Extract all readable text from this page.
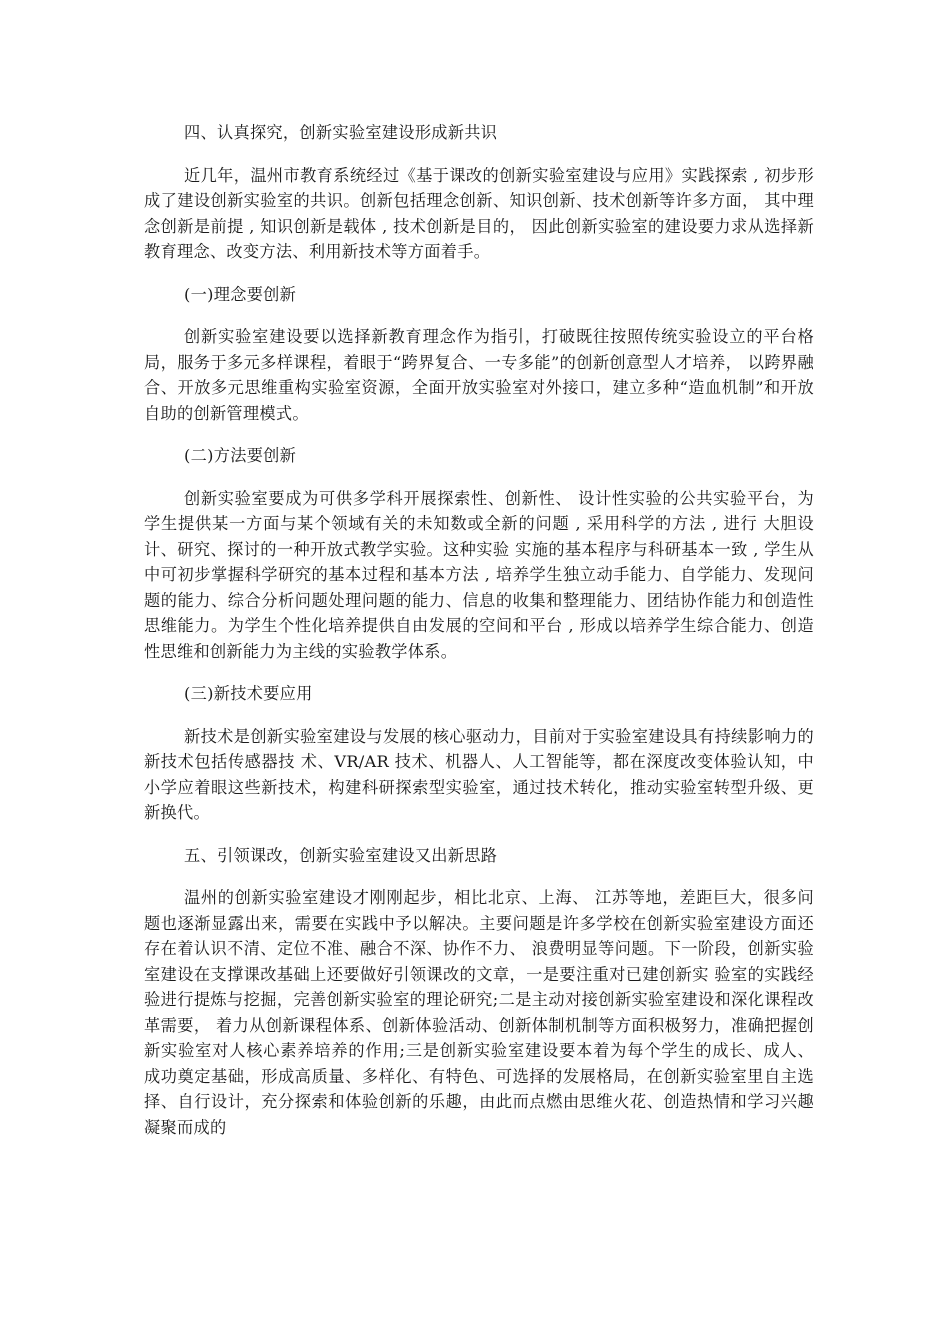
四、认真探究，创新实验室建设形成新共识

近几年，温州市教育系统经过《基于课改的创新实验室建设与应用》实践探索 , 初步形成了建设创新实验室的共识。创新包括理念创新、知识创新、技术创新等许多方面， 其中理念创新是前提 , 知识创新是载体 , 技术创新是目的， 因此创新实验室的建设要力求从选择新教育理念、改变方法、利用新技术等方面着手。

(一)理念要创新

创新实验室建设要以选择新教育理念作为指引，打破既往按照传统实验设立的平台格局，服务于多元多样课程，着眼于“跨界复合、一专多能”的创新创意型人才培养， 以跨界融合、开放多元思维重构实验室资源，全面开放实验室对外接口，建立多种“造血机制”和开放自助的创新管理模式。

(二)方法要创新

创新实验室要成为可供多学科开展探索性、创新性、 设计性实验的公共实验平台，为学生提供某一方面与某个领域有关的未知数或全新的问题 , 采用科学的方法 , 进行 大胆设计、研究、探讨的一种开放式教学实验。这种实验 实施的基本程序与科研基本一致 , 学生从中可初步掌握科学研究的基本过程和基本方法 , 培养学生独立动手能力、自学能力、发现问题的能力、综合分析问题处理问题的能力、信息的收集和整理能力、团结协作能力和创造性思维能力。为学生个性化培养提供自由发展的空间和平台 , 形成以培养学生综合能力、创造性思维和创新能力为主线的实验教学体系。

(三)新技术要应用

新技术是创新实验室建设与发展的核心驱动力，目前对于实验室建设具有持续影响力的新技术包括传感器技 术、VR/AR 技术、机器人、人工智能等，都在深度改变体验认知，中小学应着眼这些新技术，构建科研探索型实验室，通过技术转化，推动实验室转型升级、更新换代。

五、引领课改，创新实验室建设又出新思路

温州的创新实验室建设才刚刚起步，相比北京、上海、 江苏等地，差距巨大，很多问题也逐渐显露出来，需要在实践中予以解决。主要问题是许多学校在创新实验室建设方面还存在着认识不清、定位不准、融合不深、协作不力、 浪费明显等问题。下一阶段，创新实验室建设在支撑课改基础上还要做好引领课改的文章，一是要注重对已建创新实 验室的实践经验进行提炼与挖掘，完善创新实验室的理论研究;二是主动对接创新实验室建设和深化课程改革需要， 着力从创新课程体系、创新体验活动、创新体制机制等方面积极努力，准确把握创新实验室对人核心素养培养的作用;三是创新实验室建设要本着为每个学生的成长、成人、 成功奠定基础，形成高质量、多样化、有特色、可选择的发展格局，在创新实验室里自主选择、自行设计，充分探索和体验创新的乐趣，由此而点燃由思维火花、创造热情和学习兴趣凝聚而成的
